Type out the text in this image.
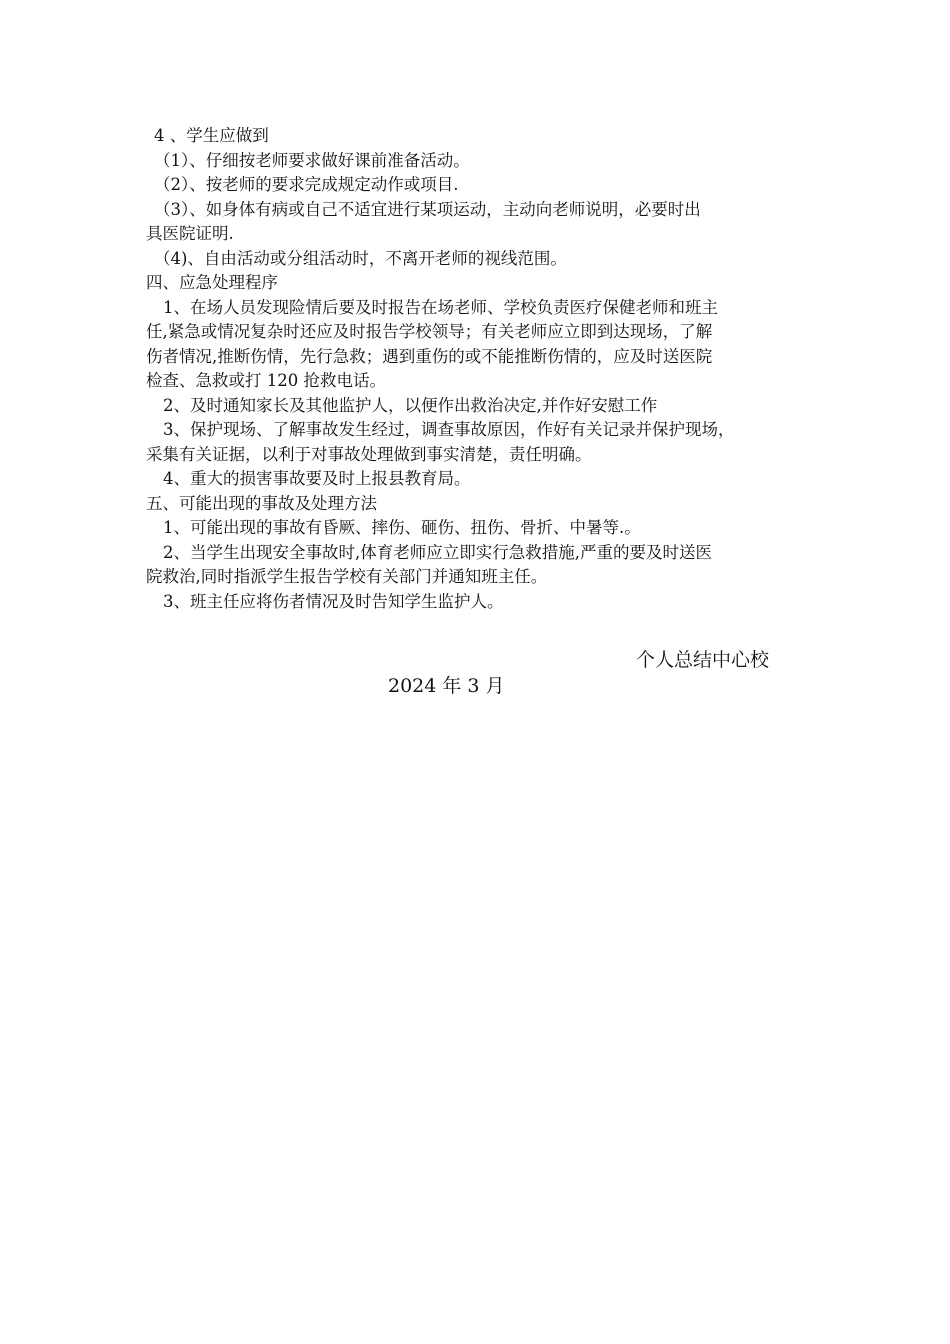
4 、学生应做到
（1）、仔细按老师要求做好课前准备活动。
（2）、按老师的要求完成规定动作或项目.
（3）、如身体有病或自己不适宜进行某项运动，主动向老师说明，必要时出
具医院证明.
（4)、自由活动或分组活动时，不离开老师的视线范围。
四、应急处理程序
1、在场人员发现险情后要及时报告在场老师、学校负责医疗保健老师和班主
任,紧急或情况复杂时还应及时报告学校领导；有关老师应立即到达现场，了解
伤者情况,推断伤情，先行急救；遇到重伤的或不能推断伤情的，应及时送医院
检查、急救或打 120 抢救电话。
2、及时通知家长及其他监护人，以便作出救治决定,并作好安慰工作
3、保护现场、了解事故发生经过，调查事故原因，作好有关记录并保护现场，
采集有关证据，以利于对事故处理做到事实清楚，责任明确。
4、重大的损害事故要及时上报县教育局。
五、可能出现的事故及处理方法
1、可能出现的事故有昏厥、摔伤、砸伤、扭伤、骨折、中暑等.。
2、当学生出现安全事故时,体育老师应立即实行急救措施,严重的要及时送医
院救治,同时指派学生报告学校有关部门并通知班主任。
3、班主任应将伤者情况及时告知学生监护人。
个人总结中心校
2024 年 3 月
